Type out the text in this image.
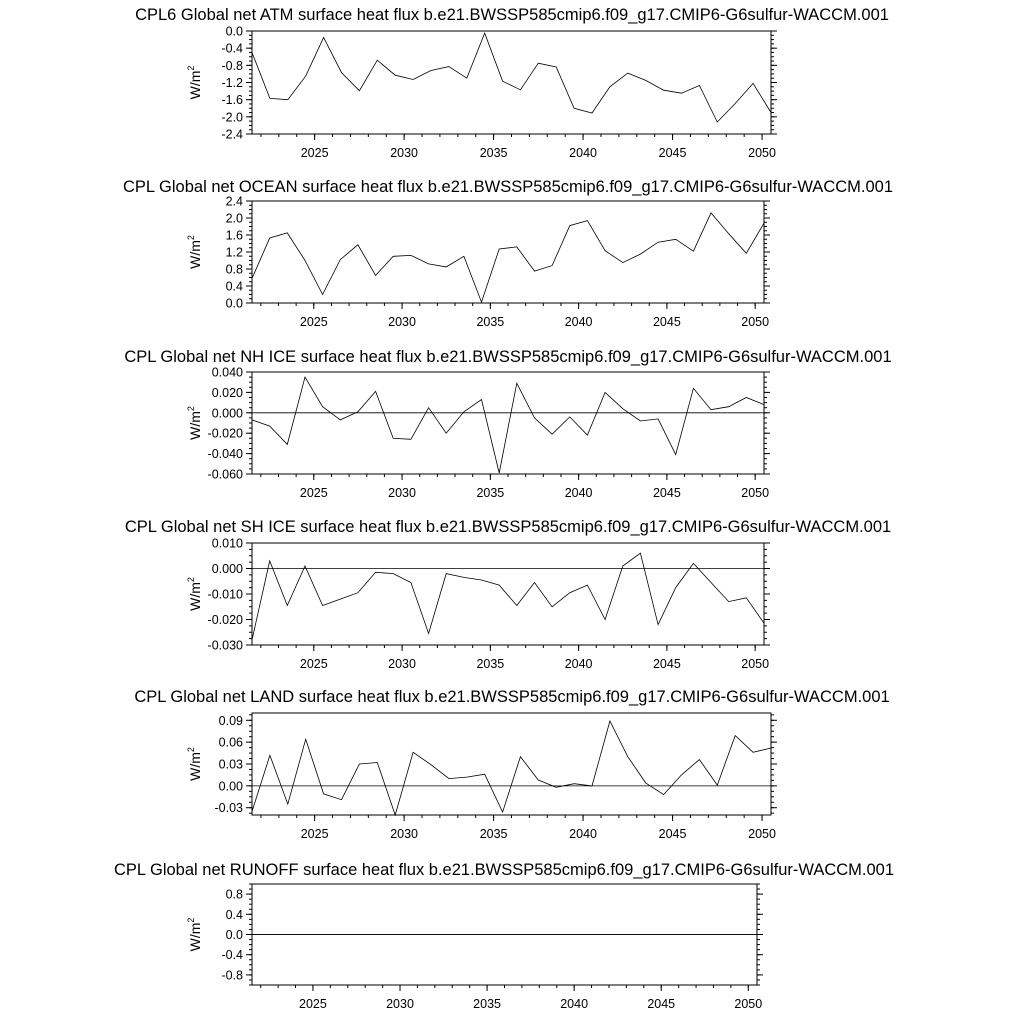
CPL6 Global net ATM surface heat flux b.e21.BWSSP585cmip6.f09_g17.CMIP6-G6sulfur-WACCM.001
-2.4
-2.0
-1.6
-1.2
-0.8
-0.4
0.0
2025	2030	2035	2040	2045	2050
$W/m^2$
CPL Global net OCEAN surface heat flux b.e21.BWSSP585cmip6.f09_g17.CMIP6-G6sulfur-WACCM.001
0.0
0.4
0.8
1.2
1.6
2.0
2.4
2025	2030	2035	2040	2045	2050
$W/m^2$
CPL Global net NH ICE surface heat flux b.e21.BWSSP585cmip6.f09_g17.CMIP6-G6sulfur-WACCM.001
-0.060
-0.040
-0.020
0.000
0.020
0.040
2025	2030	2035	2040	2045	2050
$W/m^2$
CPL Global net SH ICE surface heat flux b.e21.BWSSP585cmip6.f09_g17.CMIP6-G6sulfur-WACCM.001
-0.030
-0.020
-0.010
0.000
0.010
2025	2030	2035	2040	2045	2050
$W/m^2$
CPL Global net LAND surface heat flux b.e21.BWSSP585cmip6.f09_g17.CMIP6-G6sulfur-WACCM.001
-0.03
0.00
0.03
0.06
0.09
2025	2030	2035	2040	2045	2050
$W/m^2$
CPL Global net RUNOFF surface heat flux b.e21.BWSSP585cmip6.f09_g17.CMIP6-G6sulfur-WACCM.001
-0.8
-0.4
0.0
0.4
0.8
2025	2030	2035	2040	2045	2050
$W/m^2$
